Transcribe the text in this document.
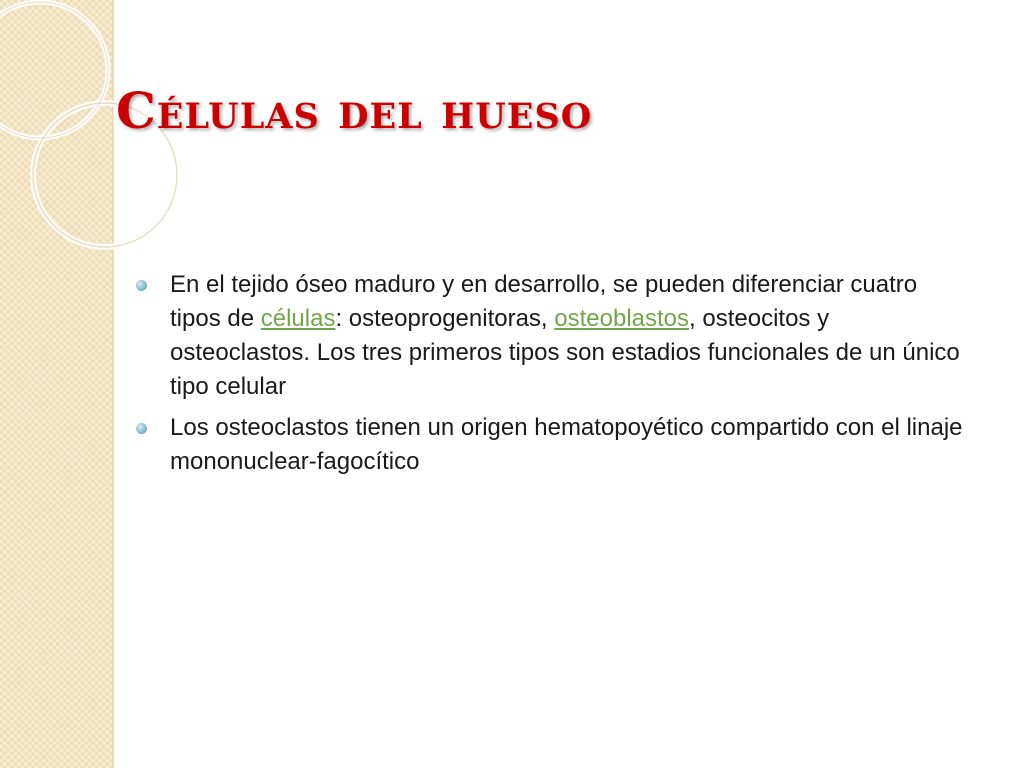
Células del hueso
En el tejido óseo maduro y en desarrollo, se pueden diferenciar cuatro tipos de células: osteoprogenitoras, osteoblastos, osteocitos y osteoclastos. Los tres primeros tipos son estadios funcionales de un único tipo celular
Los osteoclastos tienen un origen hematopoyético compartido con el linaje mononuclear-fagocítico
